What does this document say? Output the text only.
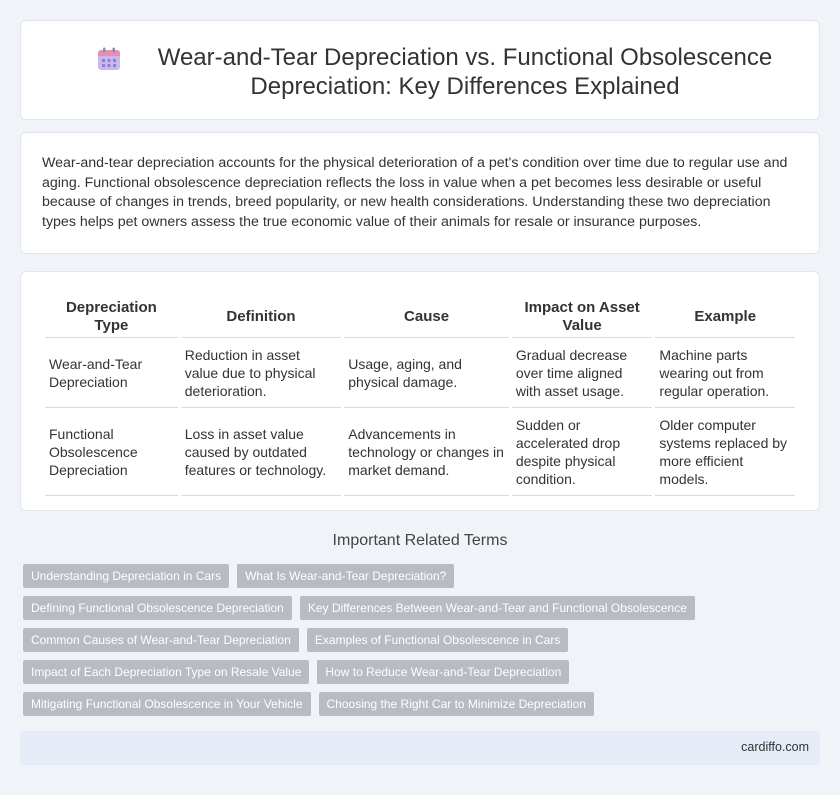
Wear-and-Tear Depreciation vs. Functional Obsolescence Depreciation: Key Differences Explained

Wear-and-tear depreciation accounts for the physical deterioration of a pet's condition over time due to regular use and aging. Functional obsolescence depreciation reflects the loss in value when a pet becomes less desirable or useful because of changes in trends, breed popularity, or new health considerations. Understanding these two depreciation types helps pet owners assess the true economic value of their animals for resale or insurance purposes.

Depreciation Type	Definition	Cause	Impact on Asset Value	Example
Wear-and-Tear Depreciation	Reduction in asset value due to physical deterioration.	Usage, aging, and physical damage.	Gradual decrease over time aligned with asset usage.	Machine parts wearing out from regular operation.
Functional Obsolescence Depreciation	Loss in asset value caused by outdated features or technology.	Advancements in technology or changes in market demand.	Sudden or accelerated drop despite physical condition.	Older computer systems replaced by more efficient models.
Important Related Terms
Understanding Depreciation in Cars	What Is Wear-and-Tear Depreciation?
Defining Functional Obsolescence Depreciation	Key Differences Between Wear-and-Tear and Functional Obsolescence
Common Causes of Wear-and-Tear Depreciation	Examples of Functional Obsolescence in Cars
Impact of Each Depreciation Type on Resale Value	How to Reduce Wear-and-Tear Depreciation
Mitigating Functional Obsolescence in Your Vehicle	Choosing the Right Car to Minimize Depreciation
cardiffo.com
